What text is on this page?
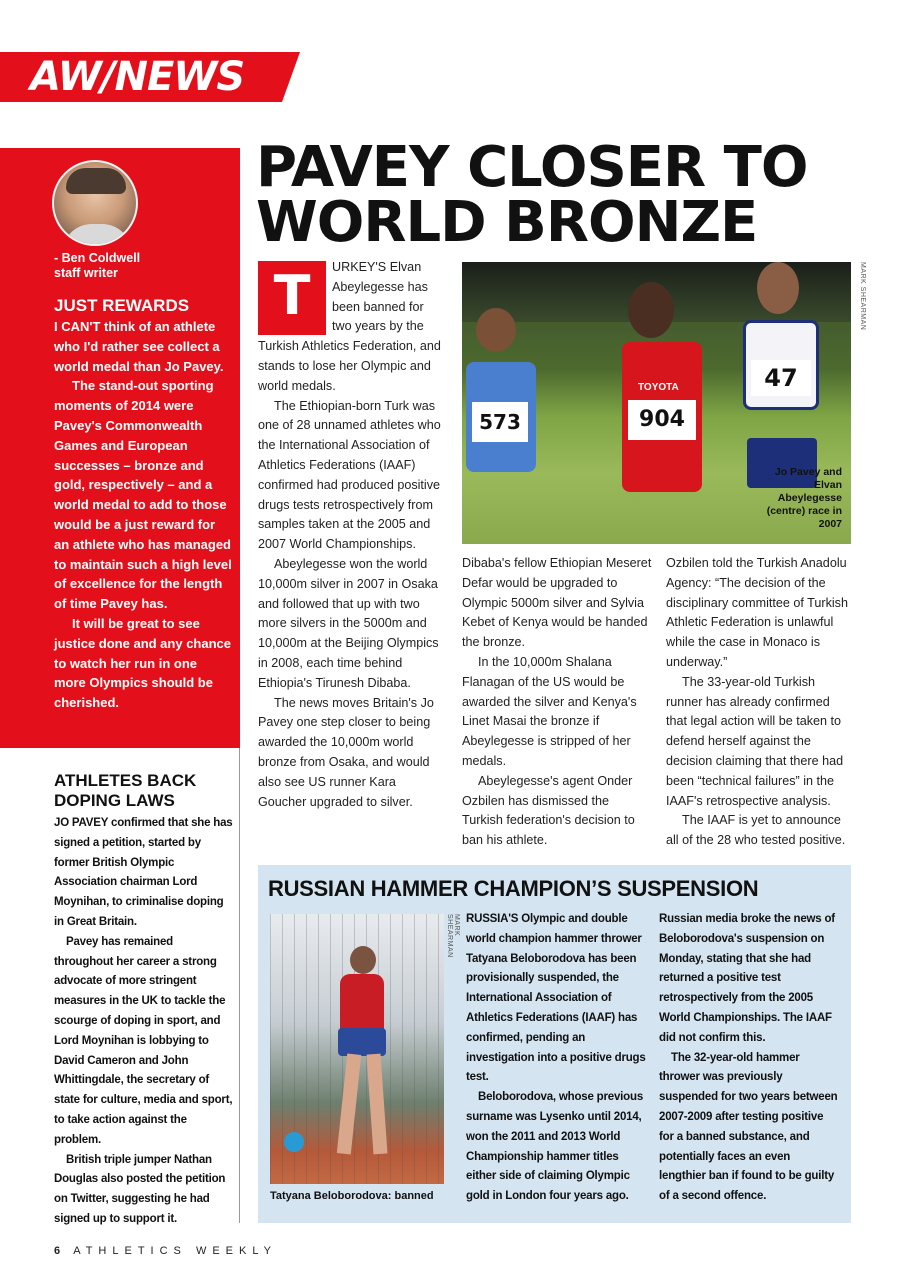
AW/NEWS
- Ben Coldwell
staff writer
JUST REWARDS

I CAN'T think of an athlete who I'd rather see collect a world medal than Jo Pavey.

The stand-out sporting moments of 2014 were Pavey's Commonwealth Games and European successes – bronze and gold, respectively – and a world medal to add to those would be a just reward for an athlete who has managed to maintain such a high level of excellence for the length of time Pavey has.

It will be great to see justice done and any chance to watch her run in one more Olympics should be cherished.

ATHLETES BACK DOPING LAWS

JO PAVEY confirmed that she has signed a petition, started by former British Olympic Association chairman Lord Moynihan, to criminalise doping in Great Britain.

Pavey has remained throughout her career a strong advocate of more stringent measures in the UK to tackle the scourge of doping in sport, and Lord Moynihan is lobbying to David Cameron and John Whittingdale, the secretary of state for culture, media and sport, to take action against the problem.

British triple jumper Nathan Douglas also posted the petition on Twitter, suggesting he had signed up to support it.

PAVEY CLOSER TO WORLD BRONZE

T	URKEY'S Elvan Abeylegesse has been banned for two years by the Turkish Athletics Federation, and stands to lose her Olympic and world medals.

The Ethiopian-born Turk was one of 28 unnamed athletes who the International Association of Athletics Federations (IAAF) confirmed had produced positive drugs tests retrospectively from samples taken at the 2005 and 2007 World Championships.

Abeylegesse won the world 10,000m silver in 2007 in Osaka and followed that up with two more silvers in the 5000m and 10,000m at the Beijing Olympics in 2008, each time behind Ethiopia's Tirunesh Dibaba.

The news moves Britain's Jo Pavey one step closer to being awarded the 10,000m world bronze from Osaka, and would also see US runner Kara Goucher upgraded to silver.

573	904
TOYOTA	47
MARK SHEARMAN
Jo Pavey and Elvan Abeylegesse (centre) race in 2007

Dibaba's fellow Ethiopian Meseret Defar would be upgraded to Olympic 5000m silver and Sylvia Kebet of Kenya would be handed the bronze.

In the 10,000m Shalana Flanagan of the US would be awarded the silver and Kenya's Linet Masai the bronze if Abeylegesse is stripped of her medals.

Abeylegesse's agent Onder Ozbilen has dismissed the Turkish federation's decision to ban his athlete.

Ozbilen told the Turkish Anadolu Agency: “The decision of the disciplinary committee of Turkish Athletic Federation is unlawful while the case in Monaco is underway.”

The 33-year-old Turkish runner has already confirmed that legal action will be taken to defend herself against the decision claiming that there had been “technical failures” in the IAAF's retrospective analysis.

The IAAF is yet to announce all of the 28 who tested positive.

RUSSIAN HAMMER CHAMPION’S SUSPENSION
MARK SHEARMAN
Tatyana Beloborodova: banned

RUSSIA'S Olympic and double world champion hammer thrower Tatyana Beloborodova has been provisionally suspended, the International Association of Athletics Federations (IAAF) has confirmed, pending an investigation into a positive drugs test.

Beloborodova, whose previous surname was Lysenko until 2014, won the 2011 and 2013 World Championship hammer titles either side of claiming Olympic gold in London four years ago.

Russian media broke the news of Beloborodova's suspension on Monday, stating that she had returned a positive test retrospectively from the 2005 World Championships. The IAAF did not confirm this.

The 32-year-old hammer thrower was previously suspended for two years between 2007-2009 after testing positive for a banned substance, and potentially faces an even lengthier ban if found to be guilty of a second offence.

6 ATHLETICS WEEKLY
